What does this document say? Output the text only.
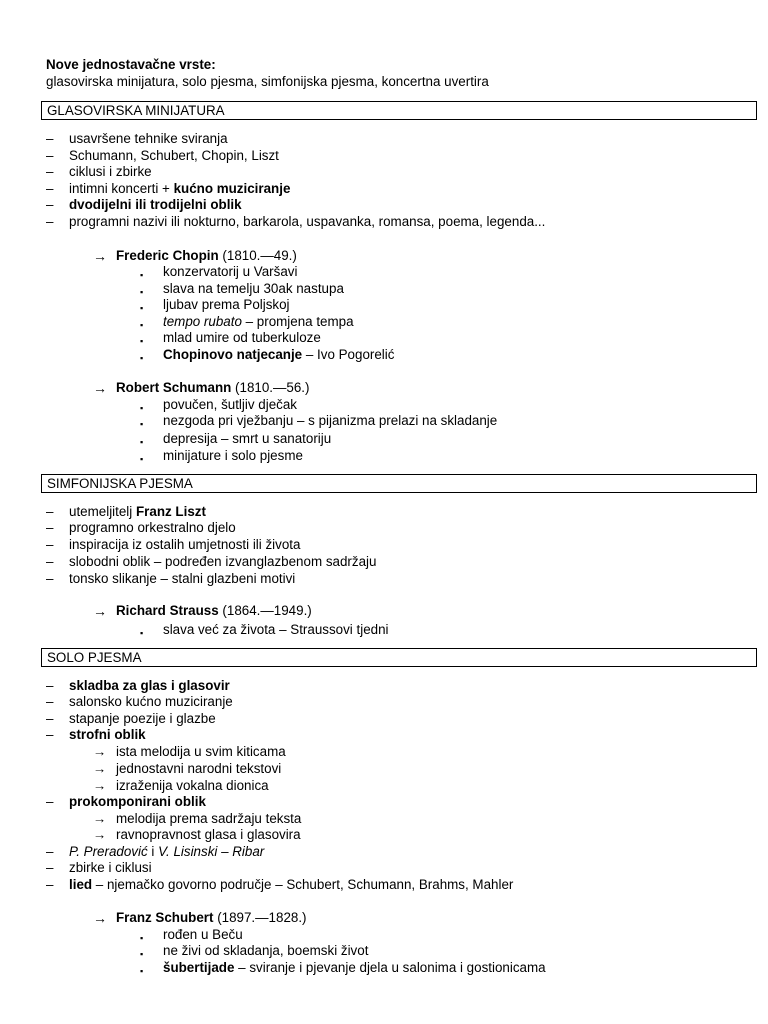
Nove jednostavačne vrste:
glasovirska minijatura, solo pjesma, simfonijska pjesma, koncertna uvertira
GLASOVIRSKA MINIJATURA
– usavršene tehnike sviranja
– Schumann, Schubert, Chopin, Liszt
– ciklusi i zbirke
– intimni koncerti + kućno muziciranje
– dvodijelni ili trodijelni oblik
– programni nazivi ili nokturno, barkarola, uspavanka, romansa, poema, legenda...
→ Frederic Chopin (1810.—49.)
▪ konzervatorij u Varšavi
▪ slava na temelju 30ak nastupa
▪ ljubav prema Poljskoj
▪ tempo rubato – promjena tempa
▪ mlad umire od tuberkuloze
▪ Chopinovo natjecanje – Ivo Pogorelić
→ Robert Schumann (1810.—56.)
▪ povučen, šutljiv dječak
▪ nezgoda pri vježbanju – s pijanizma prelazi na skladanje
▪ depresija – smrt u sanatoriju
▪ minijature i solo pjesme
SIMFONIJSKA PJESMA
– utemeljitelj Franz Liszt
– programno orkestralno djelo
– inspiracija iz ostalih umjetnosti ili života
– slobodni oblik – podređen izvanglazbenom sadržaju
– tonsko slikanje – stalni glazbeni motivi
→ Richard Strauss (1864.—1949.)
▪ slava već za života – Straussovi tjedni
SOLO PJESMA
– skladba za glas i glasovir
– salonsko kućno muziciranje
– stapanje poezije i glazbe
– strofni oblik
→ ista melodija u svim kiticama
→ jednostavni narodni tekstovi
→ izraženija vokalna dionica
– prokomponirani oblik
→ melodija prema sadržaju teksta
→ ravnopravnost glasa i glasovira
– P. Preradović i V. Lisinski – Ribar
– zbirke i ciklusi
– lied – njemačko govorno područje – Schubert, Schumann, Brahms, Mahler
→ Franz Schubert (1897.—1828.)
▪ rođen u Beču
▪ ne živi od skladanja, boemski život
▪ šubertijade – sviranje i pjevanje djela u salonima i gostionicama
